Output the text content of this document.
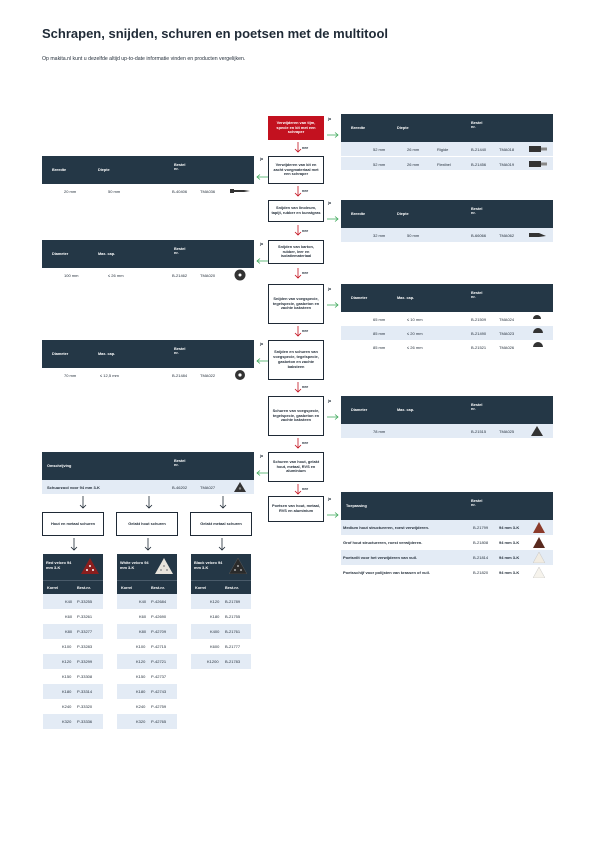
Schrapen, snijden, schuren en poetsen met de multitool
Op makita.nl kunt u dezelfde altijd up-to-date informatie vinden en producten vergelijken.
Verwijderen van tijm, specie en kit met een schraper
Verwijderen van kit en zacht voegmateriaal met een schraper
Snijden van linoleum, tapijt, rubber en kunstgras
Snijden van karton, rubber, leer en isolatiemateriaal
Snijden van voegspecie, tegelspecie, gasbeton en zachte baksteen
Snijden en schuren van voegspecie, tegelspecie, gasbeton en zachte baksteen
Schuren van voegspecie, tegelspecie, gasbeton en zachte baksteen
Schuren van hout, gelakt hout, metaal, RVS en aluminium
Poetsen van hout, metaal, RVS en aluminium
nee
nee
nee
nee
nee
nee
nee
nee
ja
ja
ja
ja
ja
ja
ja
ja
ja
Breedte	Diepte
Bestel nr.
52 mm	26 mm	Rigide	B-21440	TMA018
52 mm	26 mm	Flexibel	B-21456	TMA019
Breedte	Diepte
Bestel nr.
32 mm	50 mm	B-66066	TMA062
Diameter	Max. cap.
Bestel nr.
65 mm	≤ 10 mm	B-21509	TMA024
85 mm	≤ 20 mm	B-21490	TMA023
85 mm	≤ 26 mm	B-21521	TMA026
Diameter	Max. cap.
Bestel nr.
78 mm	B-21515	TMA025
Toepassing
Bestel nr.
Medium hout structureren, roest verwijderen.	B-21799	94 mm 3-K
Grof hout structureren, roest verwijderen.	B-21808	94 mm 3-K
Poetsvilt voor het verwijderen van vuil.	B-21814	94 mm 3-K
Poetsschijf voor polijsten van krassen of vuil.	B-21820	94 mm 3-K
Breedte	Diepte
Bestel nr.
20 mm	50 mm	B-40406	TMA036
Diameter	Max. cap.
Bestel nr.
100 mm	≤ 26 mm	B-21462	TMA020
Diameter	Max. cap.
Bestel nr.
70 mm	≤ 12,5 mm	B-21484	TMA022
Omschrijving
Bestel nr.
Schuurzool voor 94 mm 3-K	B-46202	TMA027
Hout en metaal schuren	Gelakt hout schuren	Gelakt metaal schuren
Red velcro 94 mm 3-K
Korrel	Best.nr.
K40 P-33255
K60 P-33261
K80 P-33277
K100 P-33283
K120 P-33299
K150 P-33308
K180 P-33314
K240 P-33320
K320 P-33336
White velcro 94 mm 3-K
Korrel	Best.nr.
K40 P-42684
K60 P-42690
K80 P-42709
K100 P-42715
K120 P-42721
K150 P-42737
K180 P-42743
K240 P-42759
K320 P-42765
Black velcro 94 mm 3-K
Korrel	Best.nr.
K120 B-21789
K180 B-21755
K400 B-21761
K600 B-21777
K1200 B-21783
